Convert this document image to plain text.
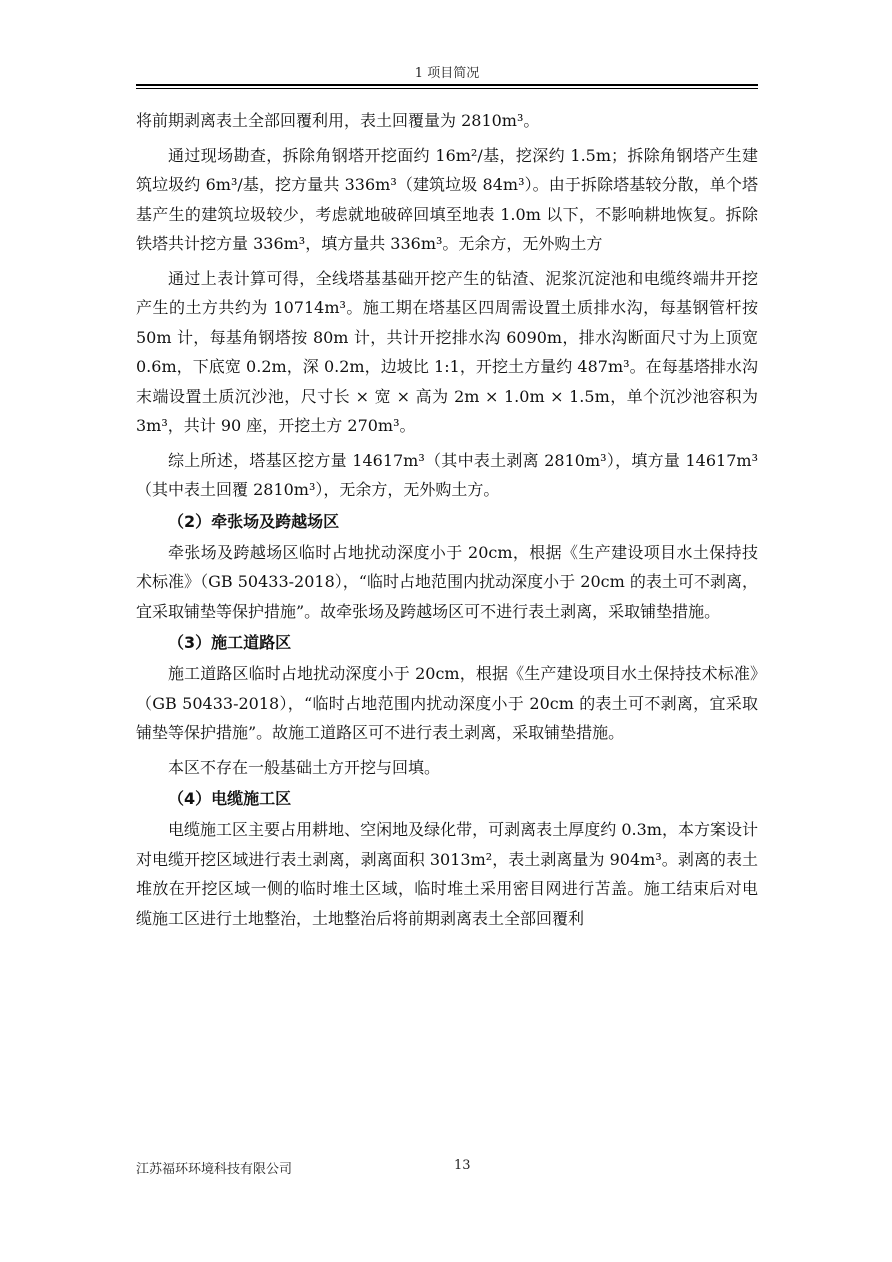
1 项目简况

将前期剥离表土全部回覆利用，表土回覆量为 2810m³。

通过现场勘查，拆除角钢塔开挖面约 16m²/基，挖深约 1.5m；拆除角钢塔产生建筑垃圾约 6m³/基，挖方量共 336m³（建筑垃圾 84m³）。由于拆除塔基较分散，单个塔基产生的建筑垃圾较少，考虑就地破碎回填至地表 1.0m 以下，不影响耕地恢复。拆除铁塔共计挖方量 336m³，填方量共 336m³。无余方，无外购土方

通过上表计算可得，全线塔基基础开挖产生的钻渣、泥浆沉淀池和电缆终端井开挖产生的土方共约为 10714m³。施工期在塔基区四周需设置土质排水沟，每基钢管杆按 50m 计，每基角钢塔按 80m 计，共计开挖排水沟 6090m，排水沟断面尺寸为上顶宽 0.6m，下底宽 0.2m，深 0.2m，边坡比 1:1，开挖土方量约 487m³。在每基塔排水沟末端设置土质沉沙池，尺寸长 × 宽 × 高为 2m × 1.0m × 1.5m，单个沉沙池容积为 3m³，共计 90 座，开挖土方 270m³。

综上所述，塔基区挖方量 14617m³（其中表土剥离 2810m³），填方量 14617m³（其中表土回覆 2810m³），无余方，无外购土方。

（2）牵张场及跨越场区

牵张场及跨越场区临时占地扰动深度小于 20cm，根据《生产建设项目水土保持技术标准》（GB 50433-2018），“临时占地范围内扰动深度小于 20cm 的表土可不剥离，宜采取铺垫等保护措施”。故牵张场及跨越场区可不进行表土剥离，采取铺垫措施。

（3）施工道路区

施工道路区临时占地扰动深度小于 20cm，根据《生产建设项目水土保持技术标准》（GB 50433-2018），“临时占地范围内扰动深度小于 20cm 的表土可不剥离，宜采取铺垫等保护措施”。故施工道路区可不进行表土剥离，采取铺垫措施。

本区不存在一般基础土方开挖与回填。

（4）电缆施工区

电缆施工区主要占用耕地、空闲地及绿化带，可剥离表土厚度约 0.3m，本方案设计对电缆开挖区域进行表土剥离，剥离面积 3013m²，表土剥离量为 904m³。剥离的表土堆放在开挖区域一侧的临时堆土区域，临时堆土采用密目网进行苫盖。施工结束后对电缆施工区进行土地整治，土地整治后将前期剥离表土全部回覆利

江苏福环环境科技有限公司	13
